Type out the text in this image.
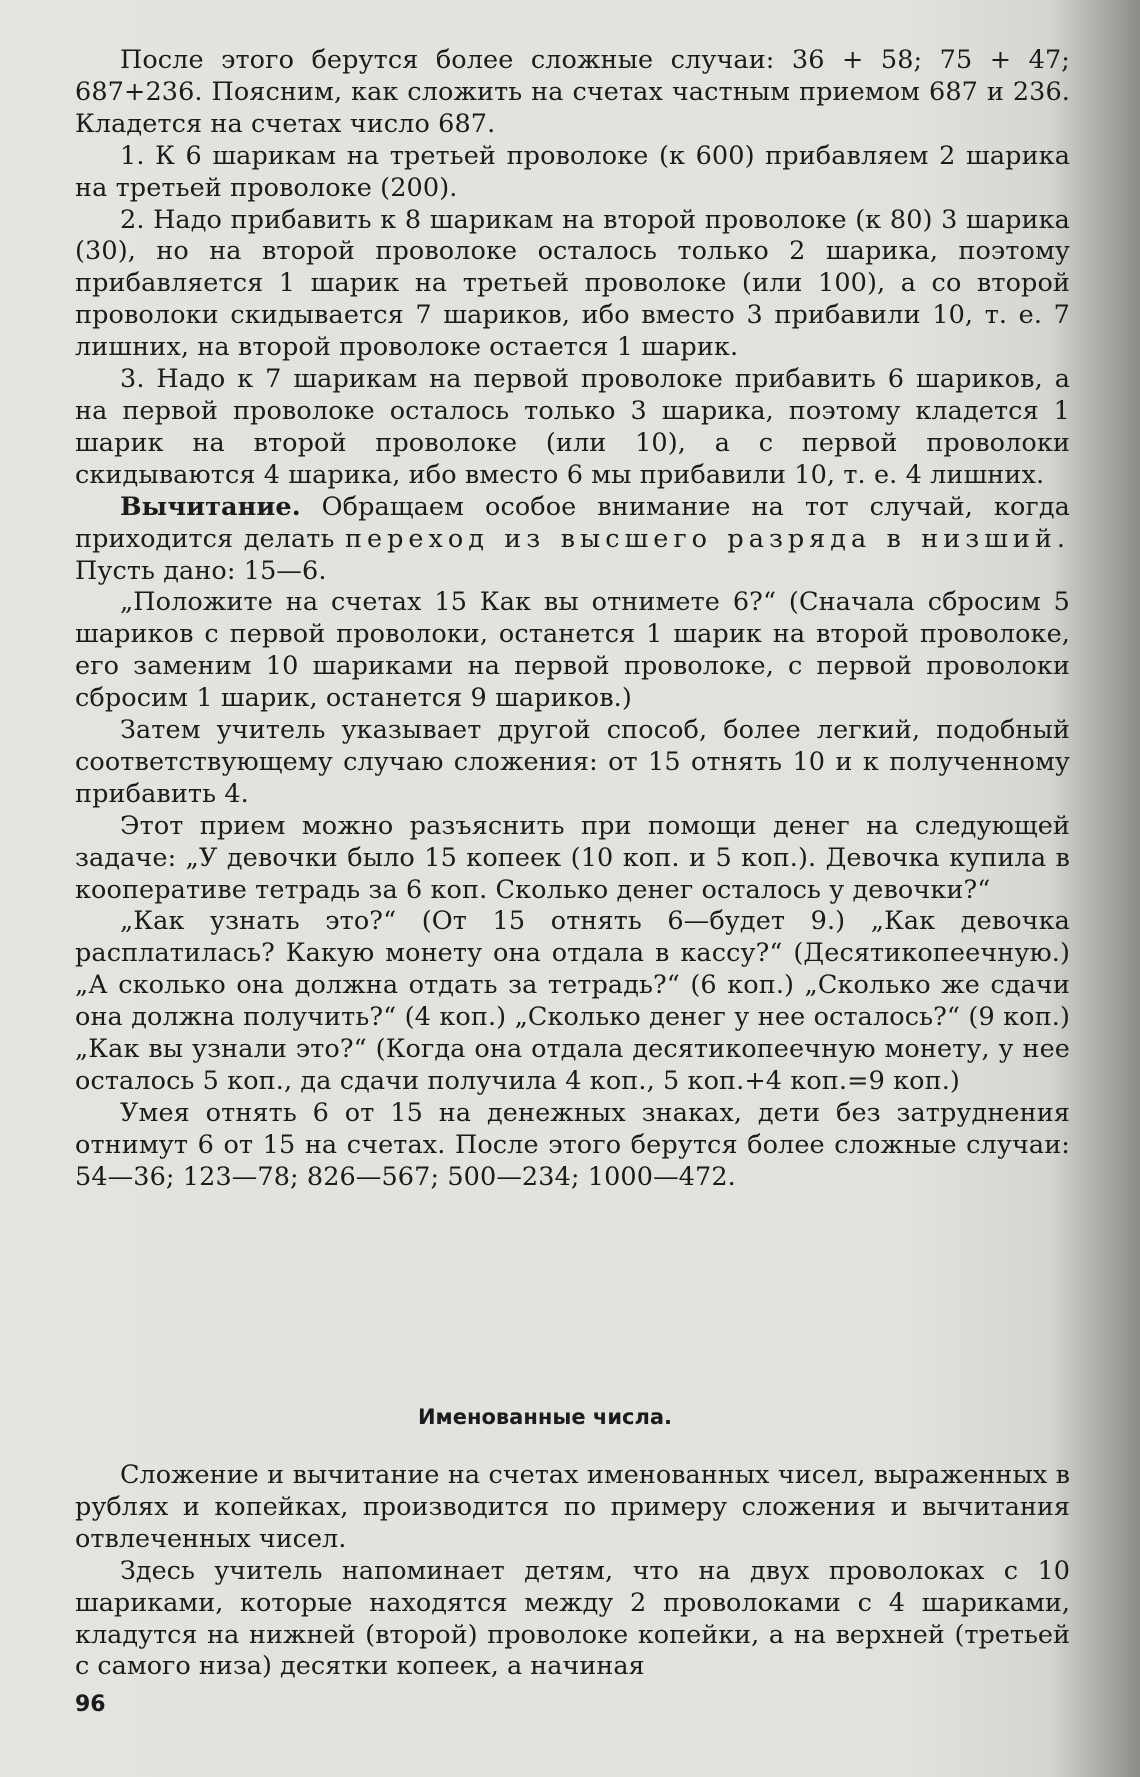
После этого берутся более сложные случаи: 36 + 58; 75 + 47; 687+236. Поясним, как сложить на счетах частным приемом 687 и 236. Кладется на счетах число 687.

1. К 6 шарикам на третьей проволоке (к 600) прибавляем 2 шарика на третьей проволоке (200).

2. Надо прибавить к 8 шарикам на второй проволоке (к 80) 3 шарика (30), но на второй проволоке осталось только 2 шарика, поэтому прибавляется 1 шарик на третьей проволоке (или 100), а со второй проволоки скидывается 7 шариков, ибо вместо 3 прибавили 10, т. е. 7 лишних, на второй проволоке остается 1 шарик.

3. Надо к 7 шарикам на первой проволоке прибавить 6 шариков, а на первой проволоке осталось только 3 шарика, поэтому кладется 1 шарик на второй проволоке (или 10), а с первой проволоки скидываются 4 шарика, ибо вместо 6 мы прибавили 10, т. е. 4 лишних.

Вычитание. Обращаем особое внимание на тот случай, когда приходится делать переход из высшего разряда в низший. Пусть дано: 15—6.

„Положите на счетах 15 Как вы отнимете 6?“ (Сначала сбросим 5 шариков с первой проволоки, останется 1 шарик на второй проволоке, его заменим 10 шариками на первой проволоке, с первой проволоки сбросим 1 шарик, останется 9 шариков.)

Затем учитель указывает другой способ, более легкий, подобный соответствующему случаю сложения: от 15 отнять 10 и к полученному прибавить 4.

Этот прием можно разъяснить при помощи денег на следующей задаче: „У девочки было 15 копеек (10 коп. и 5 коп.). Девочка купила в кооперативе тетрадь за 6 коп. Сколько денег осталось у девочки?“

„Как узнать это?“ (От 15 отнять 6—будет 9.) „Как девочка расплатилась? Какую монету она отдала в кассу?“ (Десятикопеечную.) „А сколько она должна отдать за тетрадь?“ (6 коп.) „Сколько же сдачи она должна получить?“ (4 коп.) „Сколько денег у нее осталось?“ (9 коп.) „Как вы узнали это?“ (Когда она отдала десятикопеечную монету, у нее осталось 5 коп., да сдачи получила 4 коп., 5 коп.+4 коп.=9 коп.)

Умея отнять 6 от 15 на денежных знаках, дети без затруднения отнимут 6 от 15 на счетах. После этого берутся более сложные случаи: 54—36; 123—78; 826—567; 500—234; 1000—472.

Именованные числа.

Сложение и вычитание на счетах именованных чисел, выраженных в рублях и копейках, производится по примеру сложения и вычитания отвлеченных чисел.

Здесь учитель напоминает детям, что на двух проволоках с 10 шариками, которые находятся между 2 проволоками с 4 шариками, кладутся на нижней (второй) проволоке копейки, а на верхней (третьей с самого низа) десятки копеек, а начиная

96
